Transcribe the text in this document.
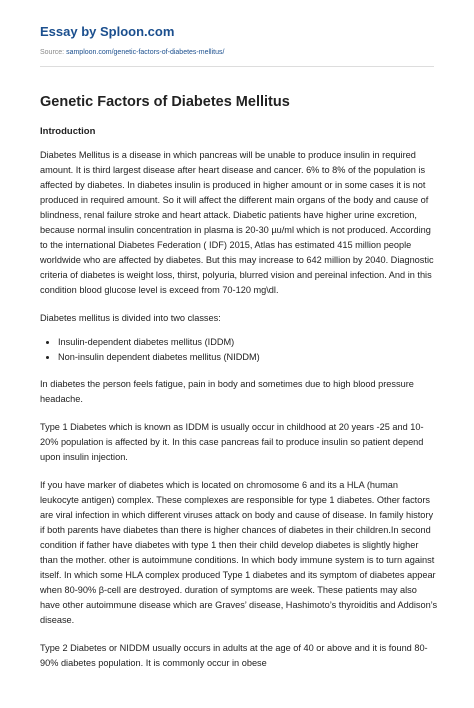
Essay by Sploon.com
Source: samploon.com/genetic-factors-of-diabetes-mellitus/
Genetic Factors of Diabetes Mellitus
Introduction

Diabetes Mellitus is a disease in which pancreas will be unable to produce insulin in required amount. It is third largest disease after heart disease and cancer. 6% to 8% of the population is affected by diabetes. In diabetes insulin is produced in higher amount or in some cases it is not produced in required amount. So it will affect the different main organs of the body and cause of blindness, renal failure stroke and heart attack. Diabetic patients have higher urine excretion, because normal insulin concentration in plasma is 20-30 µu/ml which is not produced. According to the international Diabetes Federation ( IDF) 2015, Atlas has estimated 415 million people worldwide who are affected by diabetes. But this may increase to 642 million by 2040. Diagnostic criteria of diabetes is weight loss, thirst, polyuria, blurred vision and pereinal infection. And in this condition blood glucose level is exceed from 70-120 mg\dl.

Diabetes mellitus is divided into two classes:

• Insulin-dependent diabetes mellitus (IDDM)
• Non-insulin dependent diabetes mellitus (NIDDM)

In diabetes the person feels fatigue, pain in body and sometimes due to high blood pressure headache.

Type 1 Diabetes which is known as IDDM is usually occur in childhood at 20 years -25 and 10-20% population is affected by it. In this case pancreas fail to produce insulin so patient depend upon insulin injection.

If you have marker of diabetes which is located on chromosome 6 and its a HLA (human leukocyte antigen) complex. These complexes are responsible for type 1 diabetes. Other factors are viral infection in which different viruses attack on body and cause of disease. In family history if both parents have diabetes than there is higher chances of diabetes in their children.In second condition if father have diabetes with type 1 then their child develop diabetes is slightly higher than the mother. other is autoimmune conditions. In which body immune system is to turn against itself. In which some HLA complex produced Type 1 diabetes and its symptom of diabetes appear when 80-90% β-cell are destroyed. duration of symptoms are week. These patients may also have other autoimmune disease which are Graves’ disease, Hashimoto’s thyroiditis and Addison’s disease.

Type 2 Diabetes or NIDDM usually occurs in adults at the age of 40 or above and it is found 80-90% diabetes population. It is commonly occur in obese
